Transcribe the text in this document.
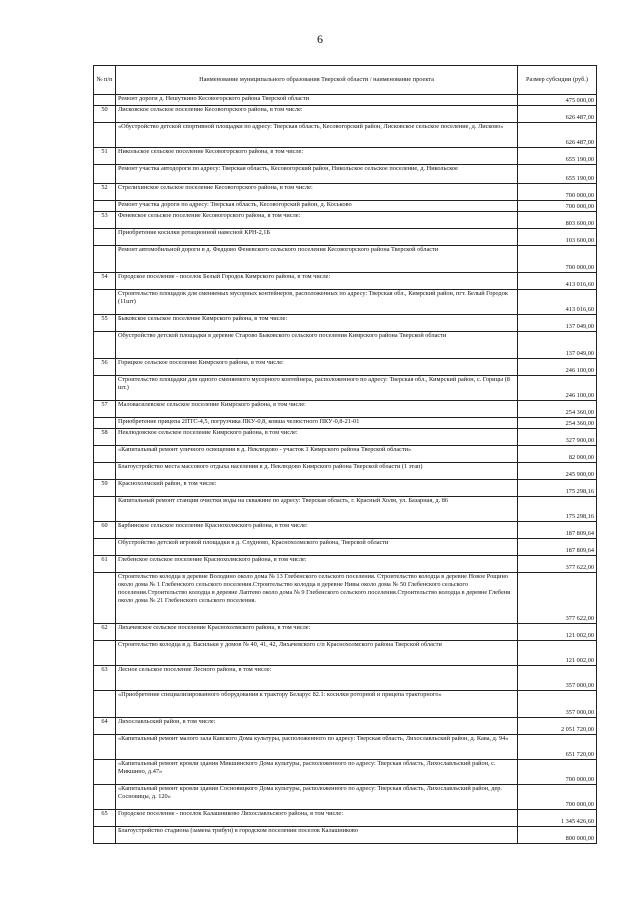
6
№ п/п	Наименование муниципального образования Тверской области / наименование проекта	Размер субсидии (руб.)
	Ремонт дороги д. Нешуткино Кесовогорского района Тверской области	475 000,00
50	Лисковское сельское поселение Кесовогорского района, в том числе:	626 487,00
	«Обустройство детской спортивной площадки по адресу: Тверская область, Кесовогорский район, Лисковское сельское поселение, д. Лисково»	626 487,00
51	Никольское сельское поселение Кесовогорского района, в том числе:	655 190,00
	Ремонт участка автодороги по адресу: Тверская область, Кесовогорский район, Никольское сельское поселение, д. Никольское	655 190,00
52	Стрелихинское сельское поселение Кесовогорского района, в том числе:	700 000,00
	Ремонт участка дороги по адресу: Тверская область, Кесовогорский район, д. Коськово	700 000,00
53	Феневское сельское поселение Кесовогорского района, в том числе:	803 600,00
	Приобретение косилки ротационной навесной КРН-2,1Б	103 600,00
	Ремонт автомобильной дороги в д. Федцово Феневского сельского поселения Кесовогорского района Тверской области	700 000,00
54	Городское поселение - поселок Белый Городок Кимрского района, в том числе:	413 016,60
	Строительство площадок для сменяемых мусорных контейнеров, расположенных по адресу: Тверская обл., Кимрский район, пгт. Белый Городок (11шт)	413 016,60
55	Быковское сельское поселение Кимрского района, в том числе:	137 049,00
	Обустройство детской площадки в деревне Старово Быковского сельского поселения Кимрского района Тверской области	137 049,00
56	Горицкое сельское поселение Кимрского района, в том числе:	246 100,00
	Строительство площадки для одного сменяемого мусорного контейнера, расположенного по адресу: Тверская обл., Кимрский район, с. Горицы (8 шт.)	246 100,00
57	Маловасилевское сельское поселение Кимрского района, в том числе:	254 360,00
	Приобретение прицепа 2ПТС-4,5, погрузчика ПКУ-0,8, ковша челюстного ПКУ-0,8-21-01	254 360,00
58	Неклюдовское сельское поселение Кимрского района, в том числе:	327 900,00
	«Капитальный ремонт уличного освещения в д. Неклюдово - участок 1 Кимрского района Тверской области»	82 000,00
	Благоустройство места массового отдыха населения в д. Неклюдово Кимрского района Тверской области (1 этап)	245 900,00
59	Краснохолмский район, в том числе:	175 298,16
	Капитальный ремонт станции очистки воды на скважине по адресу: Тверская область, г. Красный Холм, ул. Базарная, д. 86	175 298,16
60	Барбинское сельское поселение Краснохолмского района, в том числе:	187 809,64
	Обустройство детской игровой площадки в д. Слудново, Краснохолмского района, Тверской области	187 809,64
61	Глебенское сельское поселение Краснохолмского района, в том числе:	377 622,00
	Строительство колодца в деревне Володино около дома № 13 Глебенского сельского поселения. Строительство колодца в деревне Новое Рощино около дома № 1 Глебенского сельского поселения.Строительство колодца в деревне Нивы около дома № 50 Глебенского сельского поселения.Строительство колодца в деревне Лаптево около дома № 9 Глебенского сельского поселения.Строительство колодца в деревне Глебени около дома № 21 Глебенского сельского поселения.	377 622,00
62	Лихачевское сельское поселение Краснохолмского района, в том числе:	121 002,00
	Строительство колодца в д. Васильки у домов № 40, 41, 42, Лихачевского с/п Краснохолмского района Тверской области	121 002,00
63	Лесное сельское поселение Лесного района, в том числе:	357 000,00
	«Приобретение специализированного оборудования к трактору Беларус 82.1: косилки роторной и прицепа тракторного»	357 000,00
64	Лихославльский район, в том числе:	2 051 720,00
	«Капитальный ремонт малого зала Кавского Дома культуры, расположенного по адресу: Тверская область, Лихославльский район, д. Кава, д. 94»	651 720,00
	«Капитальный ремонт кровли здания Микшинского Дома культуры, расположенного по адресу: Тверская область, Лихославльский район, с. Микшино, д.47»	700 000,00
	«Капитальный ремонт кровли здания Сосновицкого Дома культуры, расположенного по адресу: Тверская область, Лихославльский район, дер. Сосновицы, д. 120»	700 000,00
65	Городское поселение - поселок Калашниково Лихославльского района, в том числе:	1 345 426,60
	Благоустройство стадиона (замена трибун) в городском поселении поселок Калашниково	800 000,00
